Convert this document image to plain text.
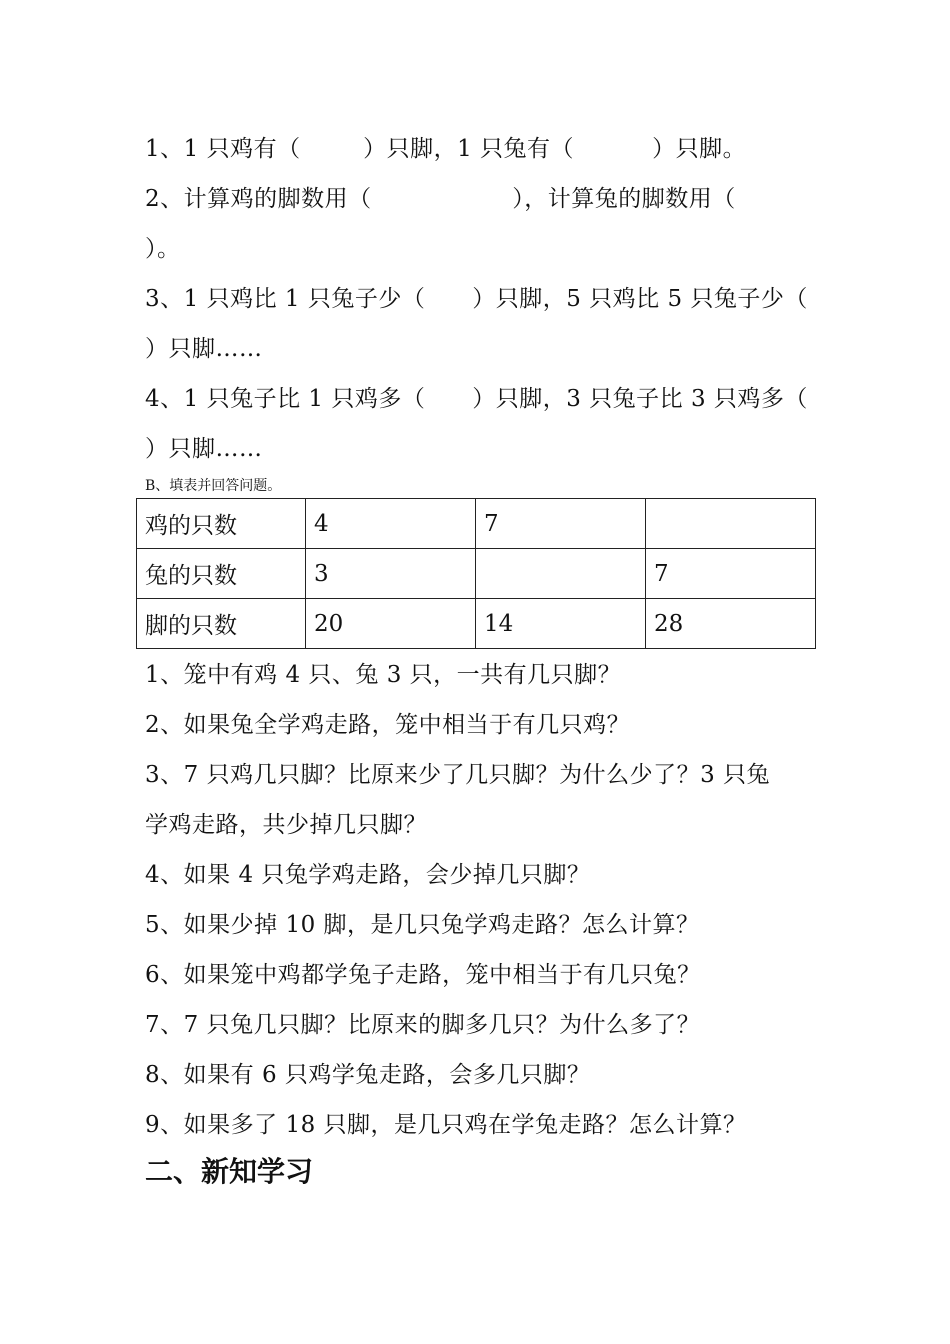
1、1 只鸡有（        ）只脚，1 只兔有（          ）只脚。
2、计算鸡的脚数用（                  ），计算兔的脚数用（
）。
3、1 只鸡比 1 只兔子少（      ）只脚，5 只鸡比 5 只兔子少（
）只脚……
4、1 只兔子比 1 只鸡多（      ）只脚，3 只兔子比 3 只鸡多（
）只脚……
B、填表并回答问题。
鸡的只数	4	7	
兔的只数	3		7
脚的只数	20	14	28
1、笼中有鸡 4 只、兔 3 只，一共有几只脚？
2、如果兔全学鸡走路，笼中相当于有几只鸡？
3、7 只鸡几只脚？比原来少了几只脚？为什么少了？3 只兔
学鸡走路，共少掉几只脚？
4、如果 4 只兔学鸡走路，会少掉几只脚？
5、如果少掉 10 脚，是几只兔学鸡走路？怎么计算？
6、如果笼中鸡都学兔子走路，笼中相当于有几只兔？
7、7 只兔几只脚？比原来的脚多几只？为什么多了？
8、如果有 6 只鸡学兔走路，会多几只脚？
9、如果多了 18 只脚，是几只鸡在学兔走路？怎么计算？
二、新知学习
